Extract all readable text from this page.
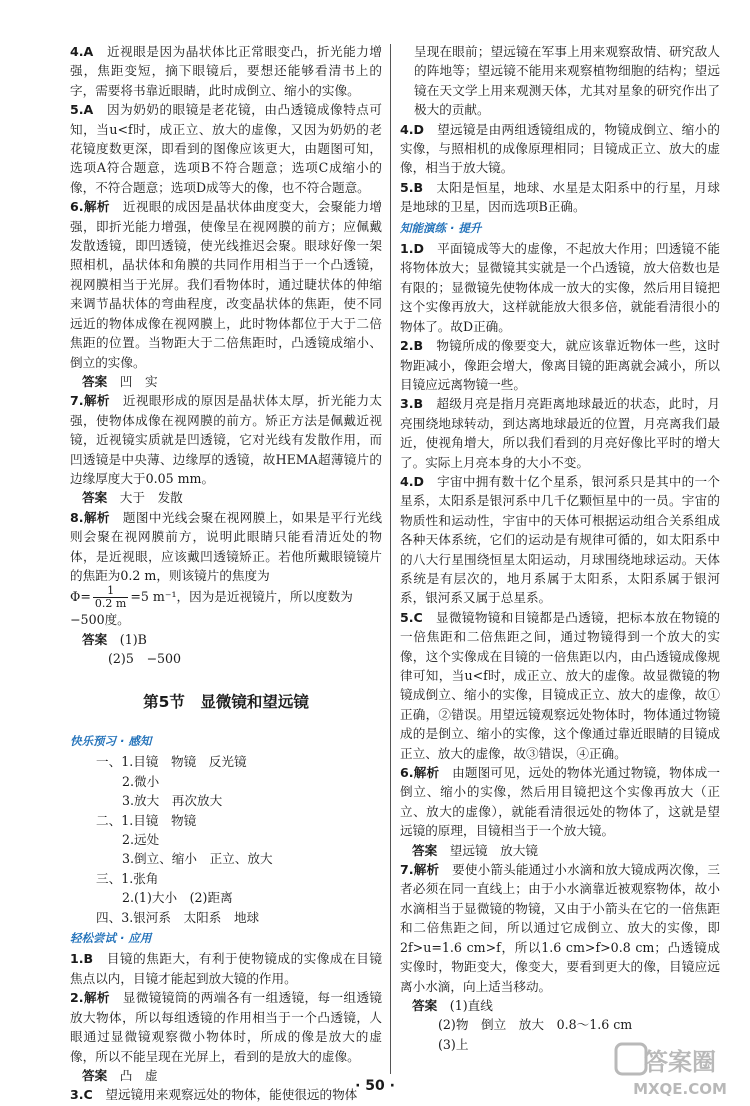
4.A　 近视眼是因为晶状体比正常眼变凸，折光能力增强，焦距变短，摘下眼镜后，要想还能够看清书上的字，需要将书靠近眼睛，此时成倒立、缩小的实像。
5.A　 因为奶奶的眼镜是老花镜，由凸透镜成像特点可知，当u<f时，成正立、放大的虚像，又因为奶奶的老花镜度数更深，即看到的图像应该更大，由题图可知，选项A符合题意，选项B不符合题意；选项C成缩小的像，不符合题意；选项D成等大的像，也不符合题意。
6.解析　 近视眼的成因是晶状体曲度变大，会聚能力增强，即折光能力增强，使像呈在视网膜的前方；应佩戴发散透镜，即凹透镜，使光线推迟会聚。眼球好像一架照相机，晶状体和角膜的共同作用相当于一个凸透镜，视网膜相当于光屏。我们看物体时，通过睫状体的伸缩来调节晶状体的弯曲程度，改变晶状体的焦距，使不同远近的物体成像在视网膜上，此时物体都位于大于二倍焦距的位置。当物距大于二倍焦距时，凸透镜成缩小、倒立的实像。
答案　 凹　实
7.解析　 近视眼形成的原因是晶状体太厚，折光能力太强，使物体成像在视网膜的前方。矫正方法是佩戴近视镜，近视镜实质就是凹透镜，它对光线有发散作用，而凹透镜是中央薄、边缘厚的透镜，故HEMA超薄镜片的边缘厚度大于0.05 mm。
答案　 大于　发散
8.解析　 题图中光线会聚在视网膜上，如果是平行光线则会聚在视网膜前方，说明此眼睛只能看清近处的物体，是近视眼，应该戴凹透镜矫正。若他所戴眼镜镜片的焦距为0.2 m，则该镜片的焦度为
$\Phi= \frac{1}{0.2 m} =5$ m⁻¹，因为是近视镜片，所以度数为
−500度。
答案　 (1)B
(2)5　−500
第5节　显微镜和望远镜
快乐预习 · 感知
一、1.目镜　物镜　反光镜
2.微小
3.放大　再次放大
二、1.目镜　物镜
2.远处
3.倒立、缩小　正立、放大
三、1.张角
2.(1)大小　(2)距离
四、3.银河系　太阳系　地球
轻松尝试 · 应用
1.B　 目镜的焦距大，有利于使物镜成的实像成在目镜焦点以内，目镜才能起到放大镜的作用。
2.解析　 显微镜镜筒的两端各有一组透镜，每一组透镜放大物体，所以每组透镜的作用相当于一个凸透镜，人眼通过显微镜观察微小物体时，所成的像是放大的虚像，所以不能呈现在光屏上，看到的是放大的虚像。
答案　 凸　虚
3.C　 望远镜用来观察远处的物体，能使很远的物体
呈现在眼前；望远镜在军事上用来观察敌情、研究敌人的阵地等；望远镜不能用来观察植物细胞的结构；望远镜在天文学上用来观测天体，尤其对星象的研究作出了极大的贡献。
4.D　 望远镜是由两组透镜组成的，物镜成倒立、缩小的实像，与照相机的成像原理相同；目镜成正立、放大的虚像，相当于放大镜。
5.B　 太阳是恒星，地球、水星是太阳系中的行星，月球是地球的卫星，因而选项B正确。
知能演练 · 提升
1.D　 平面镜成等大的虚像，不起放大作用；凹透镜不能将物体放大；显微镜其实就是一个凸透镜，放大倍数也是有限的；显微镜先使物体成一放大的实像，然后用目镜把这个实像再放大，这样就能放大很多倍，就能看清很小的物体了。故D正确。
2.B　 物镜所成的像要变大，就应该靠近物体一些，这时物距减小，像距会增大，像离目镜的距离就会减小，所以目镜应远离物镜一些。
3.B　 超级月亮是指月亮距离地球最近的状态，此时，月亮围绕地球转动，到达离地球最近的位置，月亮离我们最近，使视角增大，所以我们看到的月亮好像比平时的增大了。实际上月亮本身的大小不变。
4.D　 宇宙中拥有数十亿个星系，银河系只是其中的一个星系，太阳系是银河系中几千亿颗恒星中的一员。宇宙的物质性和运动性，宇宙中的天体可根据运动组合关系组成各种天体系统，它们的运动是有规律可循的，如太阳系中的八大行星围绕恒星太阳运动，月球围绕地球运动。天体系统是有层次的，地月系属于太阳系，太阳系属于银河系，银河系又属于总星系。
5.C　 显微镜物镜和目镜都是凸透镜，把标本放在物镜的一倍焦距和二倍焦距之间，通过物镜得到一个放大的实像，这个实像成在目镜的一倍焦距以内，由凸透镜成像规律可知，当u<f时，成正立、放大的虚像。故显微镜的物镜成倒立、缩小的实像，目镜成正立、放大的虚像，故①正确，②错误。用望远镜观察远处物体时，物体通过物镜成的是倒立、缩小的实像，这个像通过靠近眼睛的目镜成正立、放大的虚像，故③错误，④正确。
6.解析　 由题图可见，远处的物体光通过物镜，物体成一倒立、缩小的实像，然后用目镜把这个实像再放大（正立、放大的虚像），就能看清很远处的物体了，这就是望远镜的原理，目镜相当于一个放大镜。
答案　 望远镜　放大镜
7.解析　 要使小箭头能通过小水滴和放大镜成两次像，三者必须在同一直线上；由于小水滴靠近被观察物体，故小水滴相当于显微镜的物镜，又由于小箭头在它的一倍焦距和二倍焦距之间，所以通过它成倒立、放大的实像，即2f>u=1.6 cm>f，所以1.6 cm>f>0.8 cm；凸透镜成实像时，物距变大，像变大，要看到更大的像，目镜应远离小水滴，向上适当移动。
答案　 (1)直线
(2)物　倒立　放大　0.8～1.6 cm
(3)上
· 50 ·
答案圈
MXQE.COM
